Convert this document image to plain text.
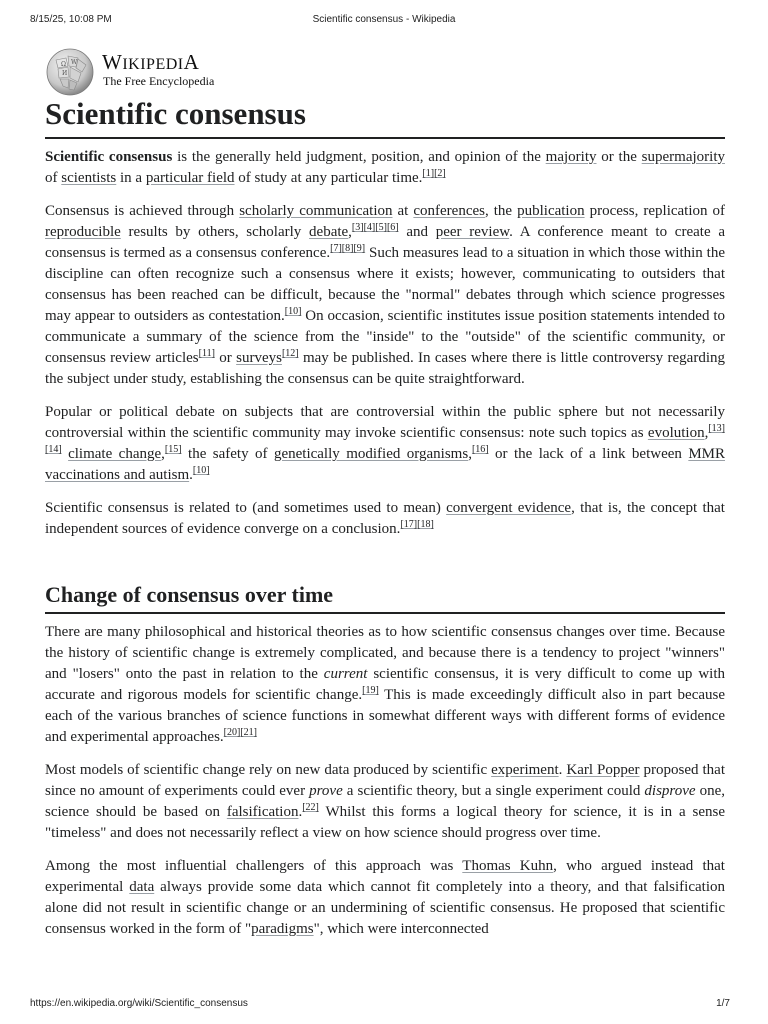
8/15/25, 10:08 PM	Scientific consensus - Wikipedia
Ω W
И WIKIPEDIA
The Free Encyclopedia
Scientific consensus

Scientific consensus is the generally held judgment, position, and opinion of the majority or the supermajority of scientists in a particular field of study at any particular time.[1][2]

Consensus is achieved through scholarly communication at conferences, the publication process, replication of reproducible results by others, scholarly debate,[3][4][5][6] and peer review. A conference meant to create a consensus is termed as a consensus conference.[7][8][9] Such measures lead to a situation in which those within the discipline can often recognize such a consensus where it exists; however, communicating to outsiders that consensus has been reached can be difficult, because the "normal" debates through which science progresses may appear to outsiders as contestation.[10] On occasion, scientific institutes issue position statements intended to communicate a summary of the science from the "inside" to the "outside" of the scientific community, or consensus review articles[11] or surveys[12] may be published. In cases where there is little controversy regarding the subject under study, establishing the consensus can be quite straightforward.

Popular or political debate on subjects that are controversial within the public sphere but not necessarily controversial within the scientific community may invoke scientific consensus: note such topics as evolution,[13][14] climate change,[15] the safety of genetically modified organisms,[16] or the lack of a link between MMR vaccinations and autism.[10]

Scientific consensus is related to (and sometimes used to mean) convergent evidence, that is, the concept that independent sources of evidence converge on a conclusion.[17][18]

Change of consensus over time

There are many philosophical and historical theories as to how scientific consensus changes over time. Because the history of scientific change is extremely complicated, and because there is a tendency to project "winners" and "losers" onto the past in relation to the current scientific consensus, it is very difficult to come up with accurate and rigorous models for scientific change.[19] This is made exceedingly difficult also in part because each of the various branches of science functions in somewhat different ways with different forms of evidence and experimental approaches.[20][21]

Most models of scientific change rely on new data produced by scientific experiment. Karl Popper proposed that since no amount of experiments could ever prove a scientific theory, but a single experiment could disprove one, science should be based on falsification.[22] Whilst this forms a logical theory for science, it is in a sense "timeless" and does not necessarily reflect a view on how science should progress over time.

Among the most influential challengers of this approach was Thomas Kuhn, who argued instead that experimental data always provide some data which cannot fit completely into a theory, and that falsification alone did not result in scientific change or an undermining of scientific consensus. He proposed that scientific consensus worked in the form of "paradigms", which were interconnected

https://en.wikipedia.org/wiki/Scientific_consensus	1/7
